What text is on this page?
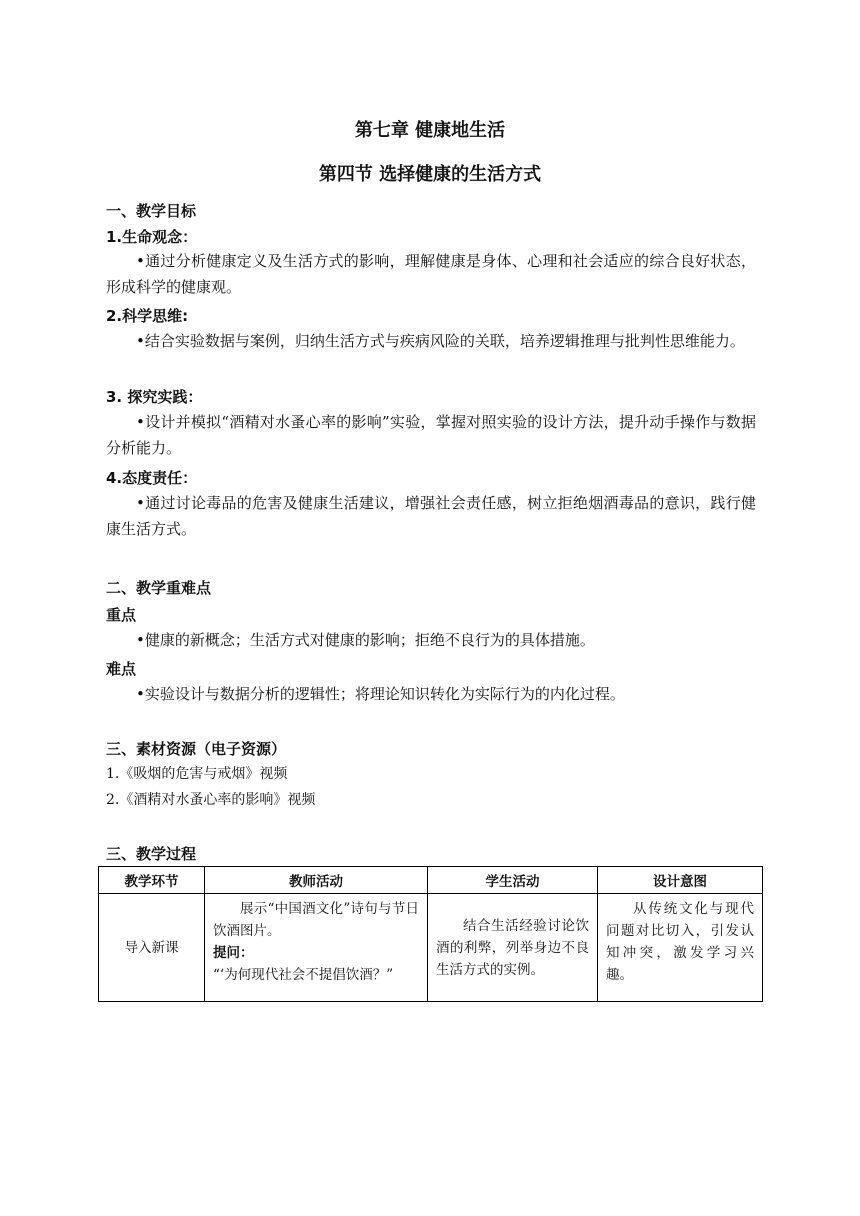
第七章 健康地生活
第四节 选择健康的生活方式
一、教学目标
1.生命观念：
•通过分析健康定义及生活方式的影响，理解健康是身体、心理和社会适应的综合良好状态，形成科学的健康观。
2.科学思维:
•结合实验数据与案例，归纳生活方式与疾病风险的关联，培养逻辑推理与批判性思维能力。
3. 探究实践：
•设计并模拟“酒精对水蚤心率的影响”实验，掌握对照实验的设计方法，提升动手操作与数据分析能力。
4.态度责任：
•通过讨论毒品的危害及健康生活建议，增强社会责任感，树立拒绝烟酒毒品的意识，践行健康生活方式。
二、教学重难点
重点
•健康的新概念；生活方式对健康的影响；拒绝不良行为的具体措施。
难点
•实验设计与数据分析的逻辑性；将理论知识转化为实际行为的内化过程。
三、素材资源（电子资源）
1.《吸烟的危害与戒烟》视频
2.《酒精对水蚤心率的影响》视频
三、教学过程
教学环节	教师活动	学生活动	设计意图
导入新课	展示“中国酒文化”诗句与节日饮酒图片。
提问：
“‘为何现代社会不提倡饮酒？”	结合生活经验讨论饮酒的利弊，列举身边不良生活方式的实例。	从传统文化与现代问题对比切入，引发认知冲突，激发学习兴趣。
